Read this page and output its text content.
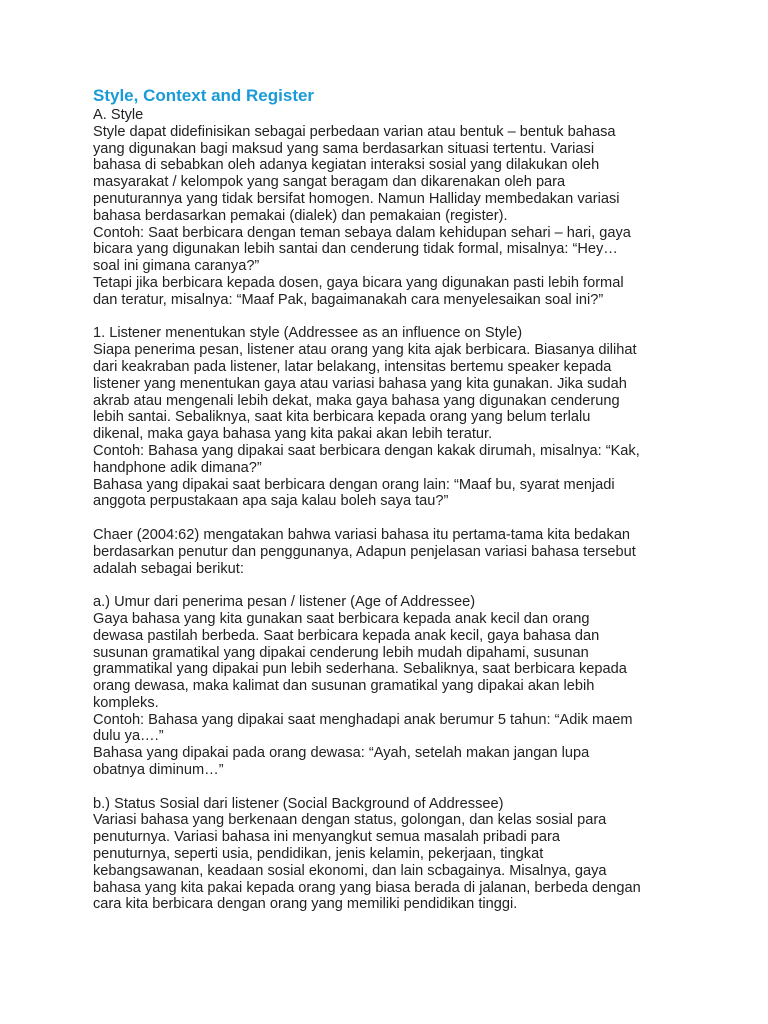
Style, Context and Register
A. Style
Style dapat didefinisikan sebagai perbedaan varian atau bentuk – bentuk bahasa
yang digunakan bagi maksud yang sama berdasarkan situasi tertentu. Variasi
bahasa di sebabkan oleh adanya kegiatan interaksi sosial yang dilakukan oleh
masyarakat / kelompok yang sangat beragam dan dikarenakan oleh para
penuturannya yang tidak bersifat homogen. Namun Halliday membedakan variasi
bahasa berdasarkan pemakai (dialek) dan pemakaian (register).
Contoh: Saat berbicara dengan teman sebaya dalam kehidupan sehari – hari, gaya
bicara yang digunakan lebih santai dan cenderung tidak formal, misalnya: “Hey…
soal ini gimana caranya?”
Tetapi jika berbicara kepada dosen, gaya bicara yang digunakan pasti lebih formal
dan teratur, misalnya: “Maaf Pak, bagaimanakah cara menyelesaikan soal ini?”
1. Listener menentukan style (Addressee as an influence on Style)
Siapa penerima pesan, listener atau orang yang kita ajak berbicara. Biasanya dilihat
dari keakraban pada listener, latar belakang, intensitas bertemu speaker kepada
listener yang menentukan gaya atau variasi bahasa yang kita gunakan. Jika sudah
akrab atau mengenali lebih dekat, maka gaya bahasa yang digunakan cenderung
lebih santai. Sebaliknya, saat kita berbicara kepada orang yang belum terlalu
dikenal, maka gaya bahasa yang kita pakai akan lebih teratur.
Contoh: Bahasa yang dipakai saat berbicara dengan kakak dirumah, misalnya: “Kak,
handphone adik dimana?”
Bahasa yang dipakai saat berbicara dengan orang lain: “Maaf bu, syarat menjadi
anggota perpustakaan apa saja kalau boleh saya tau?”
Chaer (2004:62) mengatakan bahwa variasi bahasa itu pertama-tama kita bedakan
berdasarkan penutur dan penggunanya, Adapun penjelasan variasi bahasa tersebut
adalah sebagai berikut:
a.) Umur dari penerima pesan / listener (Age of Addressee)
Gaya bahasa yang kita gunakan saat berbicara kepada anak kecil dan orang
dewasa pastilah berbeda. Saat berbicara kepada anak kecil, gaya bahasa dan
susunan gramatikal yang dipakai cenderung lebih mudah dipahami, susunan
grammatikal yang dipakai pun lebih sederhana. Sebaliknya, saat berbicara kepada
orang dewasa, maka kalimat dan susunan gramatikal yang dipakai akan lebih
kompleks.
Contoh: Bahasa yang dipakai saat menghadapi anak berumur 5 tahun: “Adik maem
dulu ya….”
Bahasa yang dipakai pada orang dewasa: “Ayah, setelah makan jangan lupa
obatnya diminum…”
b.) Status Sosial dari listener (Social Background of Addressee)
Variasi bahasa yang berkenaan dengan status, golongan, dan kelas sosial para
penuturnya. Variasi bahasa ini menyangkut semua masalah pribadi para
penuturnya, seperti usia, pendidikan, jenis kelamin, pekerjaan, tingkat
kebangsawanan, keadaan sosial ekonomi, dan lain scbagainya. Misalnya, gaya
bahasa yang kita pakai kepada orang yang biasa berada di jalanan, berbeda dengan
cara kita berbicara dengan orang yang memiliki pendidikan tinggi.
